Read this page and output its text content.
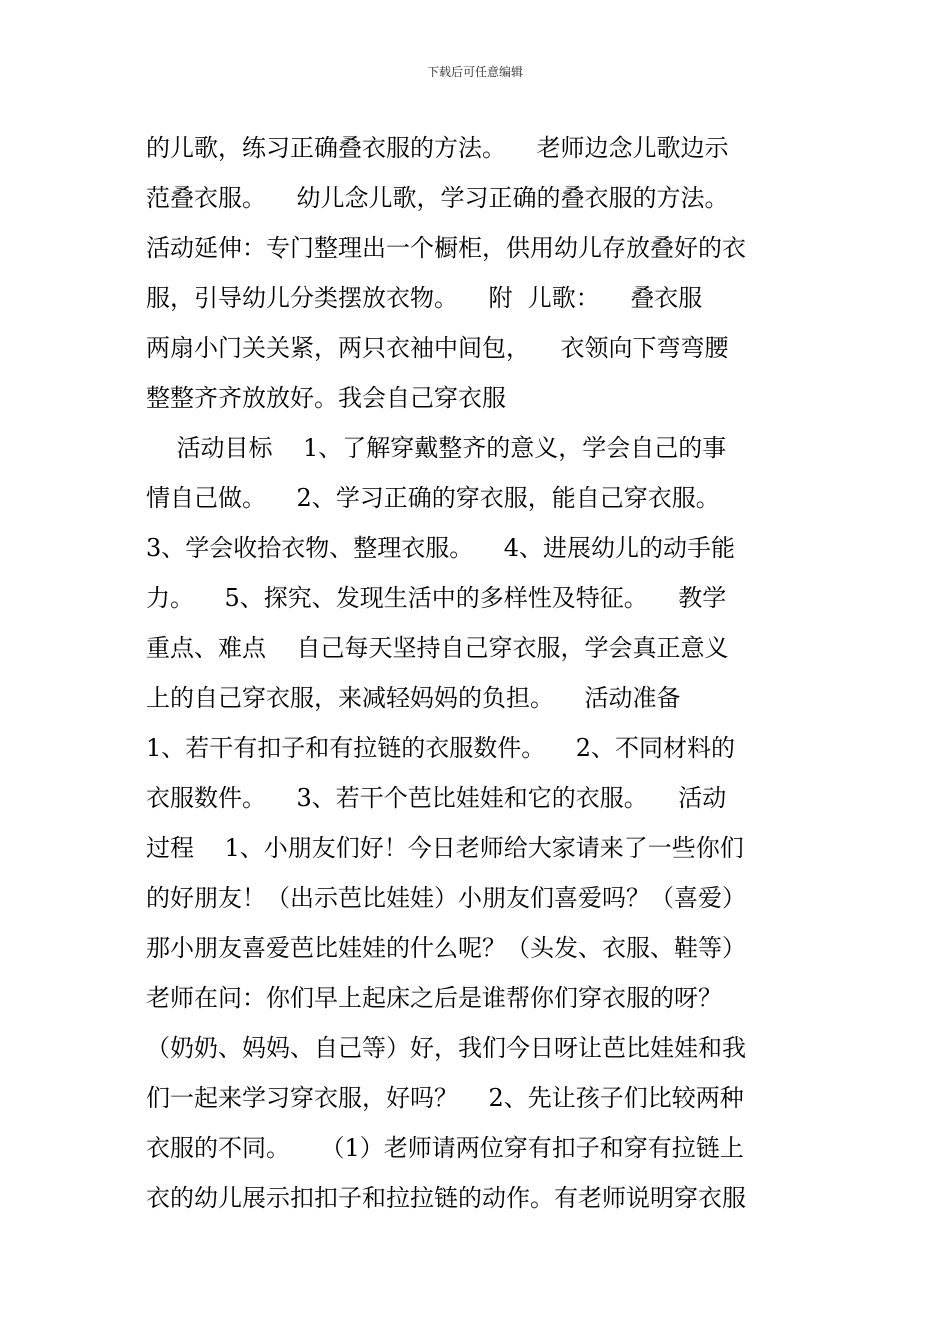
下载后可任意编辑
的儿歌，练习正确叠衣服的方法。    老师边念儿歌边示
范叠衣服。    幼儿念儿歌，学习正确的叠衣服的方法。
活动延伸：专门整理出一个橱柜，供用幼儿存放叠好的衣
服，引导幼儿分类摆放衣物。    附  儿歌：    叠衣服
两扇小门关关紧，两只衣袖中间包，    衣领向下弯弯腰
整整齐齐放放好。我会自己穿衣服
活动目标    1、了解穿戴整齐的意义，学会自己的事
情自己做。    2、学习正确的穿衣服，能自己穿衣服。
3、学会收拾衣物、整理衣服。    4、进展幼儿的动手能
力。    5、探究、发现生活中的多样性及特征。    教学
重点、难点    自己每天坚持自己穿衣服，学会真正意义
上的自己穿衣服，来减轻妈妈的负担。    活动准备
1、若干有扣子和有拉链的衣服数件。    2、不同材料的
衣服数件。    3、若干个芭比娃娃和它的衣服。    活动
过程    1、小朋友们好！今日老师给大家请来了一些你们
的好朋友！（出示芭比娃娃）小朋友们喜爱吗？（喜爱）
那小朋友喜爱芭比娃娃的什么呢？（头发、衣服、鞋等）
老师在问：你们早上起床之后是谁帮你们穿衣服的呀？
（奶奶、妈妈、自己等）好，我们今日呀让芭比娃娃和我
们一起来学习穿衣服，好吗？    2、先让孩子们比较两种
衣服的不同。    （1）老师请两位穿有扣子和穿有拉链上
衣的幼儿展示扣扣子和拉拉链的动作。有老师说明穿衣服
